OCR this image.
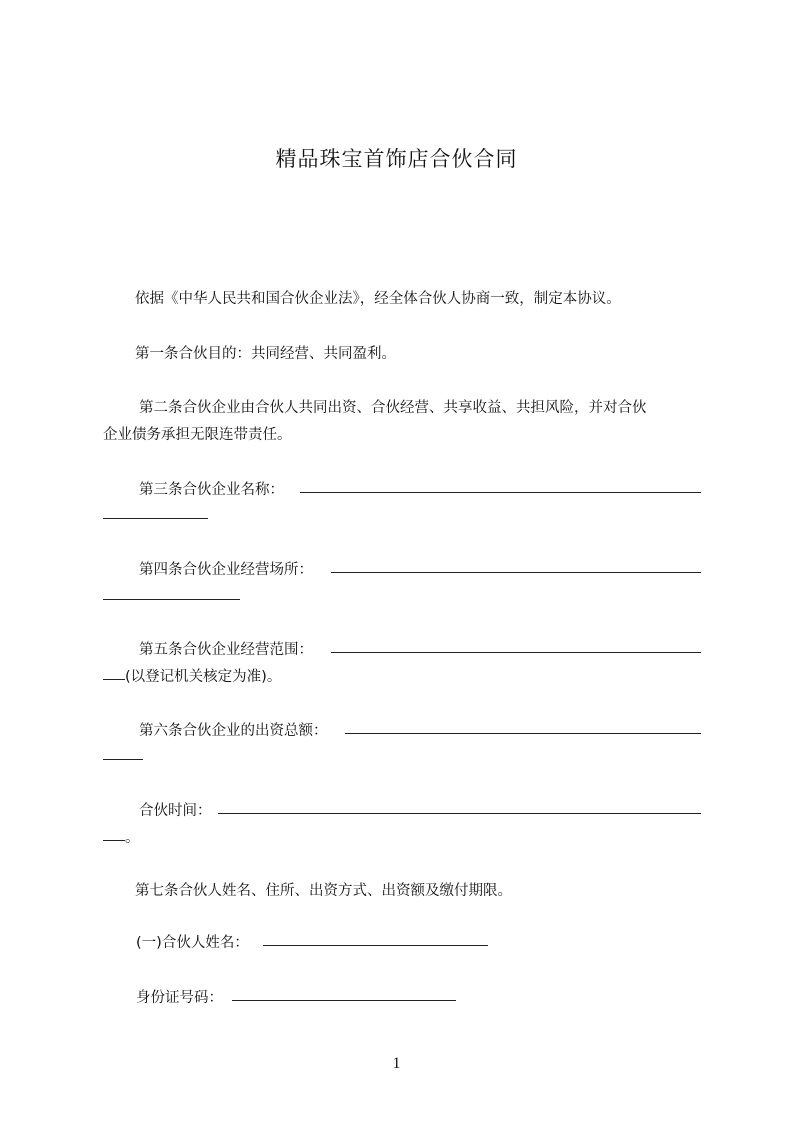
精品珠宝首饰店合伙合同

依据《中华人民共和国合伙企业法》，经全体合伙人协商一致，制定本协议。

第一条合伙目的：共同经营、共同盈利。

第二条合伙企业由合伙人共同出资、合伙经营、共享收益、共担风险，并对合伙
企业债务承担无限连带责任。

第三条合伙企业名称：
第四条合伙企业经营场所：
第五条合伙企业经营范围：
(以登记机关核定为准)。
第六条合伙企业的出资总额：
合伙时间：
。

第七条合伙人姓名、住所、出资方式、出资额及缴付期限。

(一)合伙人姓名：
身份证号码：
1
